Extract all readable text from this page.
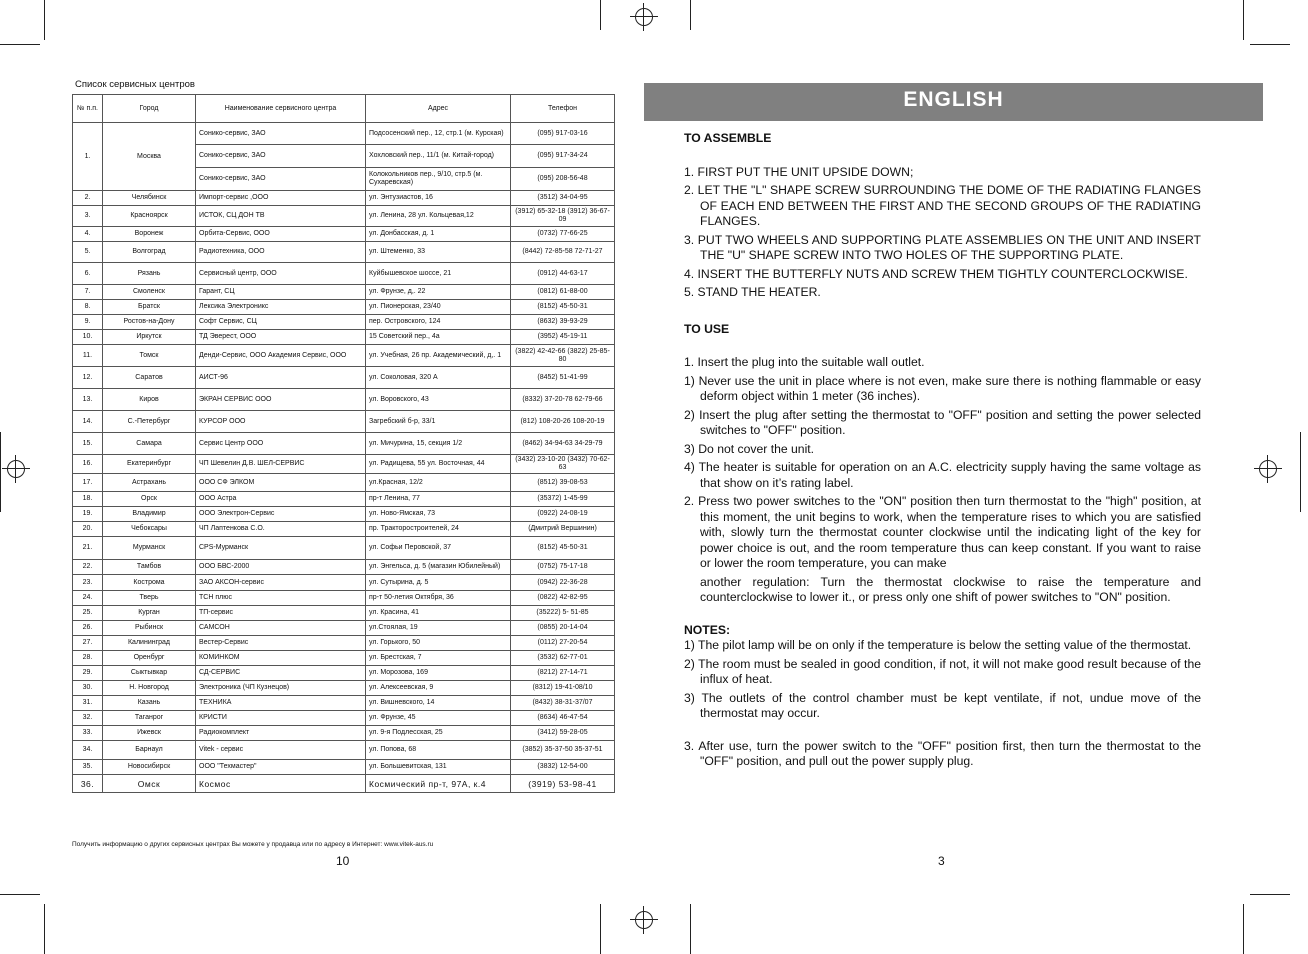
Список сервисных центров
№ п.п.	Город	Наименование сервисного центра	Адрес	Телефон
1.	Москва	Сонико-сервис, ЗАО	Подсосенский пер., 12, стр.1 (м. Курская)	(095) 917-03-16
		Сонико-сервис, ЗАО	Хохловский пер., 11/1 (м. Китай-город)	(095) 917-34-24
		Сонико-сервис, ЗАО	Колокольников пер., 9/10, стр.5 (м. Сухаревская)	(095) 208-56-48
2.	Челябинск	Импорт-сервис ,ООО	ул. Энтузиастов, 16	(3512) 34-04-95
3.	Красноярск	ИСТОК, СЦ ДОН ТВ	ул. Ленина, 28 ул. Кольцевая,12	(3912) 65-32-18 (3912) 36-67-09
4.	Воронеж	Орбита-Сервис, ООО	ул. Донбасская, д. 1	(0732) 77-66-25
5.	Волгоград	Радиотехника, ООО	ул. Штеменко, 33	(8442) 72-85-58 72-71-27
6.	Рязань	Сервисный центр, ООО	Куйбышевское шоссе, 21	(0912) 44-63-17
7.	Смоленск	Гарант, СЦ	ул. Фрунзе, д,. 22	(0812) 61-88-00
8.	Братск	Лексика Электроникс	ул. Пионерская, 23/40	(8152) 45-50-31
9.	Ростов-на-Дону	Софт Сервис, СЦ	пер. Островского, 124	(8632) 39-93-29
10.	Иркутск	ТД Эверест, ООО	15 Советский пер., 4а	(3952) 45-19-11
11.	Томск	Денди-Сервис, ООО Академия Сервис, ООО	ул. Учебная, 26 пр. Академический, д,. 1	(3822) 42-42-66 (3822) 25-85-80
12.	Саратов	АИСТ-96	ул. Соколовая, 320 А	(8452) 51-41-99
13.	Киров	ЭКРАН СЕРВИС ООО	ул. Воровского, 43	(8332) 37-20-78 62-79-66
14.	С.-Петербург	КУРСОР ООО	Загребский б-р, 33/1	(812) 108-20-26 108-20-19
15.	Самара	Сервис Центр ООО	ул. Мичурина, 15, секция 1/2	(8462) 34-94-63 34-29-79
16.	Екатеринбург	ЧП Шевелин Д.В. ШЕЛ-СЕРВИС	ул. Радищева, 55 ул. Восточная, 44	(3432) 23-10-20 (3432) 70-62-63
17.	Астрахань	ООО СФ ЭЛКОМ	ул.Красная, 12/2	(8512) 39-08-53
18.	Орск	ООО Астра	пр-т Ленина, 77	(35372) 1-45-99
19.	Владимир	ООО Электрон-Сервис	ул. Ново-Ямская, 73	(0922) 24-08-19
20.	Чебоксары	ЧП Лаптенкова С.О.	пр. Тракторостроителей, 24	(Дмитрий Вершинин)
21.	Мурманск	CPS-Мурманск	ул. Софьи Перовской, 37	(8152) 45-50-31
22.	Тамбов	ООО БВС-2000	ул. Энгельса, д. 5 (магазин Юбилейный)	(0752) 75-17-18
23.	Кострома	ЗАО АКСОН-сервис	ул. Сутырина, д. 5	(0942) 22-36-28
24.	Тверь	ТСН плюс	пр-т 50-летия Октября, 36	(0822) 42-82-95
25.	Курган	ТП-сервис	ул. Красина, 41	(35222) 5- 51-85
26.	Рыбинск	САМСОН	ул.Стоялая, 19	(0855) 20-14-04
27.	Калининград	Вестер-Сервис	ул. Горького, 50	(0112) 27-20-54
28.	Оренбург	КОМИНКОМ	ул. Брестская, 7	(3532) 62-77-01
29.	Сыктывкар	СД-СЕРВИС	ул. Морозова, 169	(8212) 27-14-71
30.	Н. Новгород	Электроника (ЧП Кузнецов)	ул. Алексеевская, 9	(8312) 19-41-08/10
31.	Казань	ТЕХНИКА	ул. Вишневского, 14	(8432) 38-31-37/07
32.	Таганрог	КРИСТИ	ул. Фрунзе, 45	(8634) 46-47-54
33.	Ижевск	Радиокомплект	ул. 9-я Подлесская, 25	(3412) 59-28-05
34.	Барнаул	Vitek - сервис	ул. Попова, 68	(3852) 35-37-50 35-37-51
35.	Новосибирск	ООО "Техмастер"	ул. Большевитская, 131	(3832) 12-54-00
36.	Омск	Космос	Космический пр-т, 97А, к.4	(3919) 53-98-41
Получить информацию о других сервисных центрах Вы можете у продавца или по адресу в Интернет: www.vitek-aus.ru
10
ENGLISH

TO ASSEMBLE

1. FIRST PUT THE UNIT UPSIDE DOWN;

2. LET THE "L" SHAPE SCREW SURROUNDING THE DOME OF THE RADIATING FLANGES OF EACH END BETWEEN THE FIRST AND THE SECOND GROUPS OF THE RADIATING FLANGES.

3. PUT TWO WHEELS AND SUPPORTING PLATE ASSEMBLIES ON THE UNIT AND INSERT THE "U" SHAPE SCREW INTO TWO HOLES OF THE SUPPORTING PLATE.

4. INSERT THE BUTTERFLY NUTS AND SCREW THEM TIGHTLY COUNTERCLOCKWISE.

5. STAND THE HEATER.

TO USE

1. Insert the plug into the suitable wall outlet.

1) Never use the unit in place where is not even, make sure there is nothing flammable or easy deform object within 1 meter (36 inches).

2) Insert the plug after setting the thermostat to "OFF" position and setting the power selected switches to "OFF" position.

3) Do not cover the unit.

4) The heater is suitable for operation on an A.C. electricity supply having the same voltage as that show on it’s rating label.

2. Press two power switches to the "ON" position then turn thermostat to the "high" position, at this moment, the unit begins to work, when the temperature rises to which you are satisfied with, slowly turn the thermostat counter clockwise until the indicating light of the key for power choice is out, and the room temperature thus can keep constant. If you want to raise or lower the room temperature, you can make

another regulation: Turn the thermostat clockwise to raise the temperature and counterclockwise to lower it., or press only one shift of power switches to "ON" position.

NOTES:

1) The pilot lamp will be on only if the temperature is below the setting value of the thermostat.

2) The room must be sealed in good condition, if not, it will not make good result because of the influx of heat.

3) The outlets of the control chamber must be kept ventilate, if not, undue move of the thermostat may occur.

3. After use, turn the power switch to the "OFF" position first, then turn the thermostat to the "OFF" position, and pull out the power supply plug.

3
